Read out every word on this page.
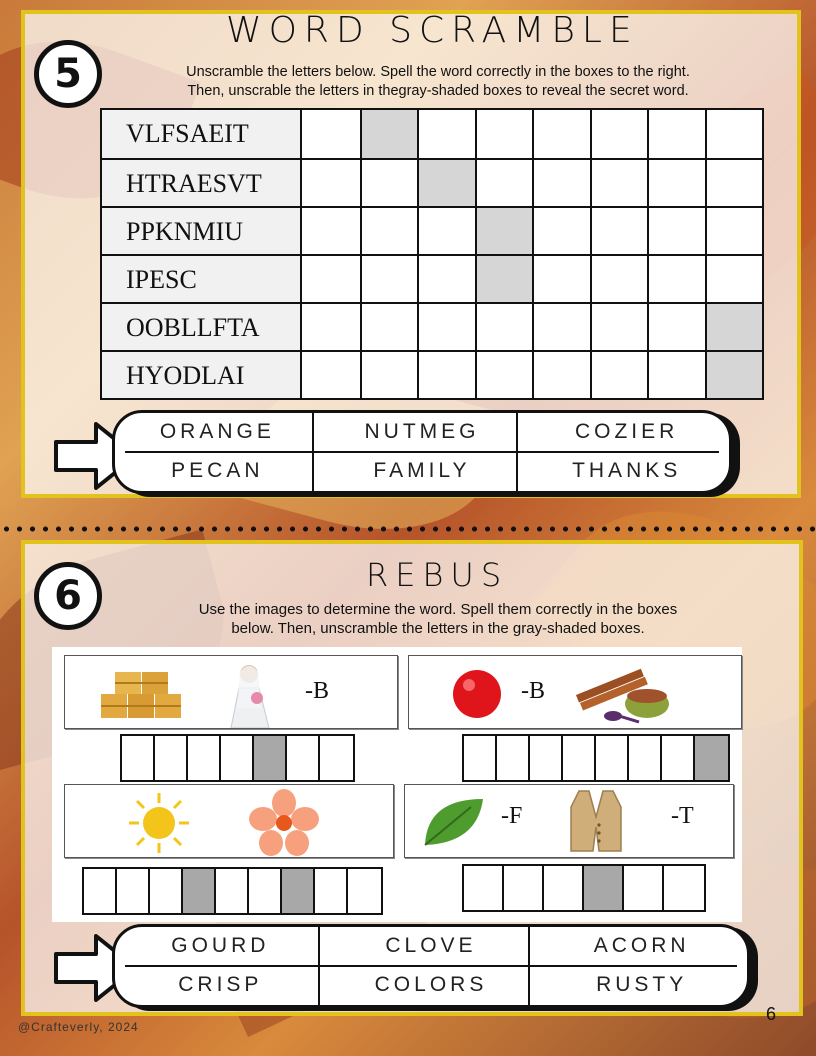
5
WORD SCRAMBLE
Unscramble the letters below. Spell the word correctly in the boxes to the right.
Then, unscrable the letters in thegray-shaded boxes to reveal the secret word.
VLFSAEIT
HTRAESVT
PPKNMIU
IPESC
OOBLLFTA
HYODLAI
ORANGE	NUTMEG	COZIER
PECAN	FAMILY	THANKS
6	REBUS
Use the images to determine the word. Spell them correctly in the boxes
below. Then, unscramble the letters in the gray-shaded boxes.
-B	-B
-F	-T
GOURD	CLOVE	ACORN
CRISP	COLORS	RUSTY
@Crafteverly, 2024
6
